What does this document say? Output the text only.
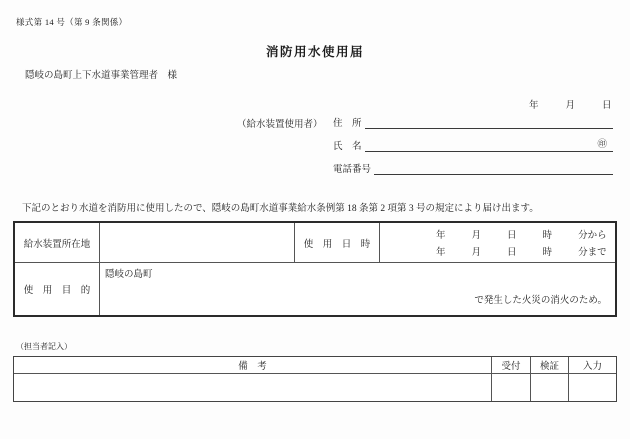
様式第 14 号（第 9 条関係）
消防用水使用届
隠岐の島町上下水道事業管理者　様
年	月	日
（給水装置使用者） 住　所
氏　名	㊞
電話番号
下記のとおり水道を消防用に使用したので、隠岐の島町水道事業給水条例第 18 条第 2 項第 3 号の規定により届け出ます。
給水装置所在地	使　用　日　時
年	月	日	時	分から
年	月	日	時	分まで
使　用　目　的
隠岐の島町
で発生した火災の消火のため。
（担当者記入）
備　考	受付	検証	入力
